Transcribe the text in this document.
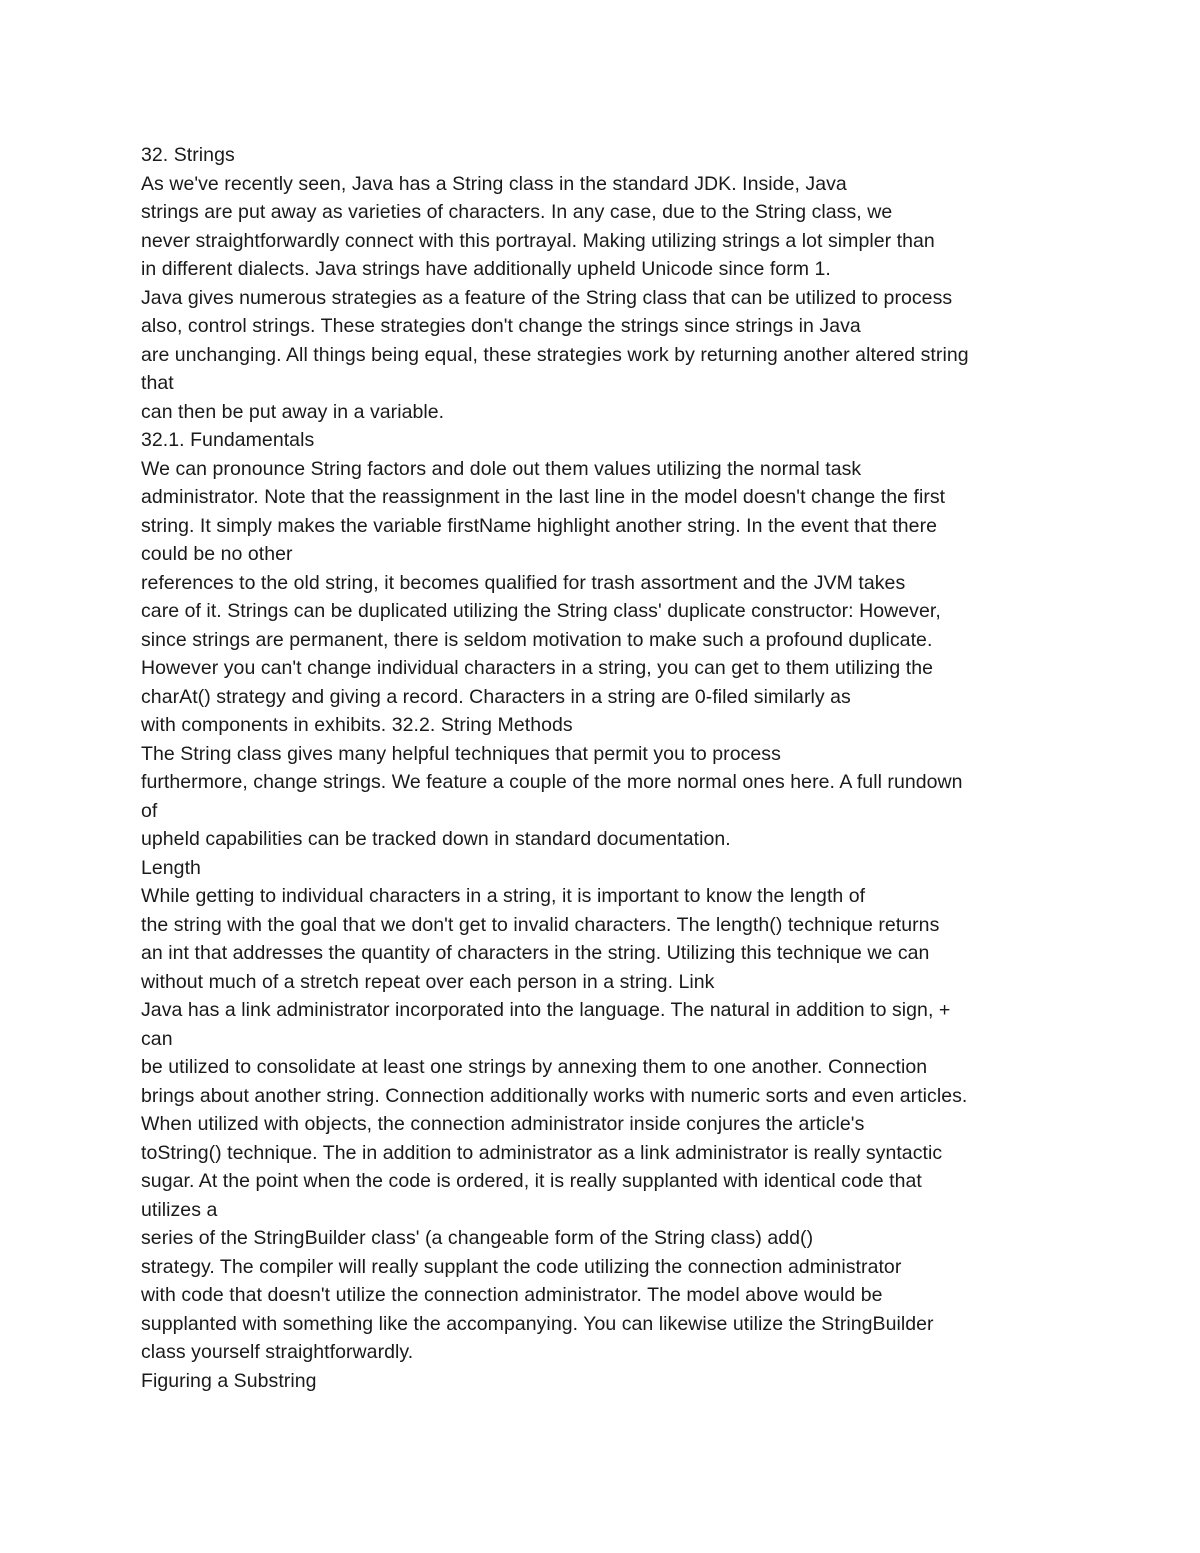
32. Strings
As we've recently seen, Java has a String class in the standard JDK. Inside, Java
strings are put away as varieties of characters. In any case, due to the String class, we
never straightforwardly connect with this portrayal. Making utilizing strings a lot simpler than
in different dialects. Java strings have additionally upheld Unicode since form 1.
Java gives numerous strategies as a feature of the String class that can be utilized to process
also, control strings. These strategies don't change the strings since strings in Java
are unchanging. All things being equal, these strategies work by returning another altered string
that
can then be put away in a variable.
32.1. Fundamentals
We can pronounce String factors and dole out them values utilizing the normal task
administrator. Note that the reassignment in the last line in the model doesn't change the first
string. It simply makes the variable firstName highlight another string. In the event that there
could be no other
references to the old string, it becomes qualified for trash assortment and the JVM takes
care of it. Strings can be duplicated utilizing the String class' duplicate constructor: However,
since strings are permanent, there is seldom motivation to make such a profound duplicate.
However you can't change individual characters in a string, you can get to them utilizing the
charAt() strategy and giving a record. Characters in a string are 0-filed similarly as
with components in exhibits. 32.2. String Methods
The String class gives many helpful techniques that permit you to process
furthermore, change strings. We feature a couple of the more normal ones here. A full rundown
of
upheld capabilities can be tracked down in standard documentation.
Length
While getting to individual characters in a string, it is important to know the length of
the string with the goal that we don't get to invalid characters. The length() technique returns
an int that addresses the quantity of characters in the string. Utilizing this technique we can
without much of a stretch repeat over each person in a string. Link
Java has a link administrator incorporated into the language. The natural in addition to sign, +
can
be utilized to consolidate at least one strings by annexing them to one another. Connection
brings about another string. Connection additionally works with numeric sorts and even articles.
When utilized with objects, the connection administrator inside conjures the article's
toString() technique. The in addition to administrator as a link administrator is really syntactic
sugar. At the point when the code is ordered, it is really supplanted with identical code that
utilizes a
series of the StringBuilder class' (a changeable form of the String class) add()
strategy. The compiler will really supplant the code utilizing the connection administrator
with code that doesn't utilize the connection administrator. The model above would be
supplanted with something like the accompanying. You can likewise utilize the StringBuilder
class yourself straightforwardly.
Figuring a Substring
